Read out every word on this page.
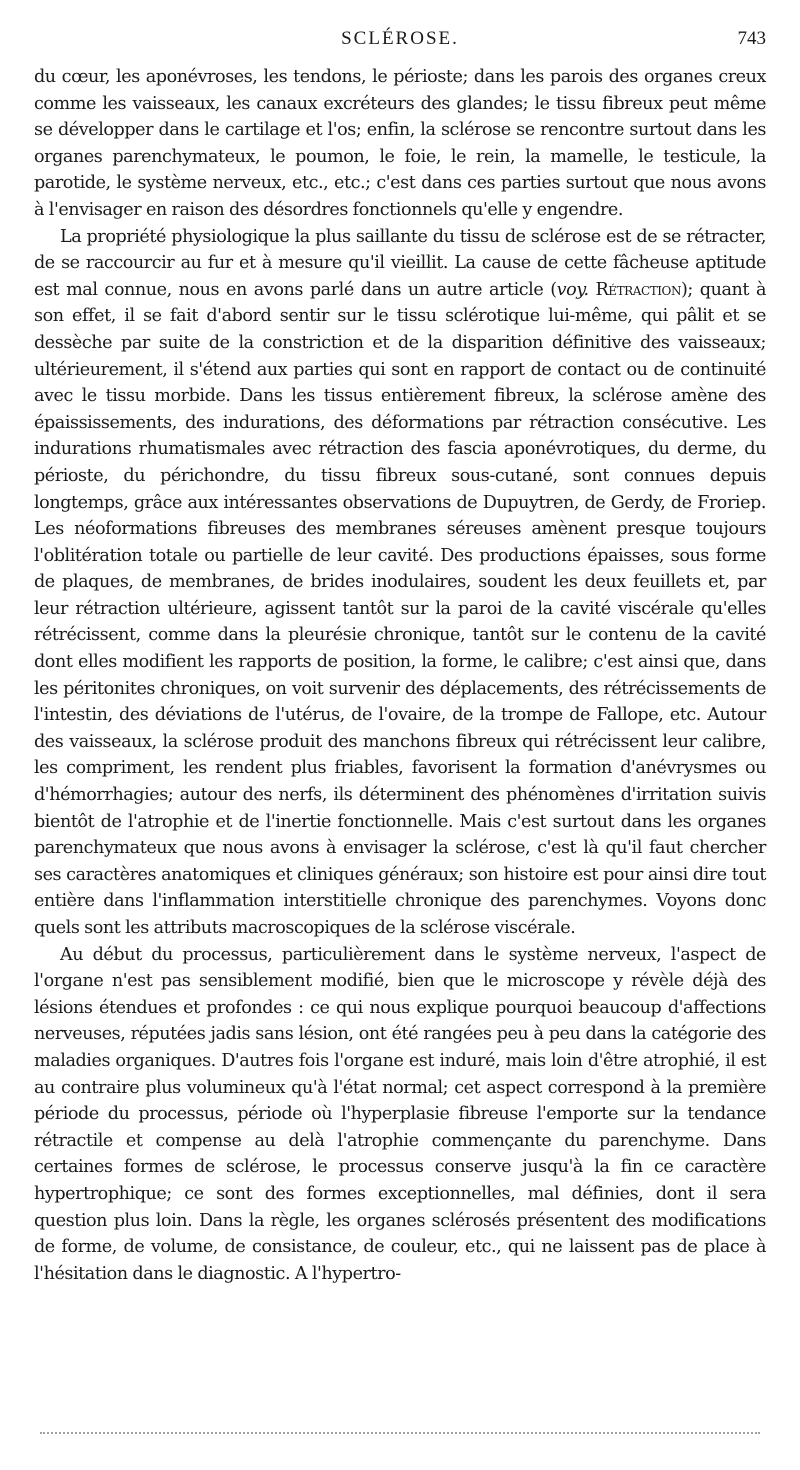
SCLÉROSE.	743

du cœur, les aponévroses, les tendons, le périoste; dans les parois des organes creux comme les vaisseaux, les canaux excréteurs des glandes; le tissu fibreux peut même se développer dans le cartilage et l'os; enfin, la sclérose se rencontre surtout dans les organes parenchymateux, le poumon, le foie, le rein, la mamelle, le testicule, la parotide, le système nerveux, etc., etc.; c'est dans ces parties surtout que nous avons à l'envisager en raison des désordres fonctionnels qu'elle y engendre.

La propriété physiologique la plus saillante du tissu de sclérose est de se rétracter, de se raccourcir au fur et à mesure qu'il vieillit. La cause de cette fâcheuse aptitude est mal connue, nous en avons parlé dans un autre article (voy. Rétraction); quant à son effet, il se fait d'abord sentir sur le tissu sclérotique lui-même, qui pâlit et se dessèche par suite de la constriction et de la disparition définitive des vaisseaux; ultérieurement, il s'étend aux parties qui sont en rapport de contact ou de continuité avec le tissu morbide. Dans les tissus entièrement fibreux, la sclérose amène des épaississements, des indurations, des déformations par rétraction consécutive. Les indurations rhumatismales avec rétraction des fascia aponévrotiques, du derme, du périoste, du périchondre, du tissu fibreux sous-cutané, sont connues depuis longtemps, grâce aux intéressantes observations de Dupuytren, de Gerdy, de Froriep. Les néoformations fibreuses des membranes séreuses amènent presque toujours l'oblitération totale ou partielle de leur cavité. Des productions épaisses, sous forme de plaques, de membranes, de brides inodulaires, soudent les deux feuillets et, par leur rétraction ultérieure, agissent tantôt sur la paroi de la cavité viscérale qu'elles rétrécissent, comme dans la pleurésie chronique, tantôt sur le contenu de la cavité dont elles modifient les rapports de position, la forme, le calibre; c'est ainsi que, dans les péritonites chroniques, on voit survenir des déplacements, des rétrécissements de l'intestin, des déviations de l'utérus, de l'ovaire, de la trompe de Fallope, etc. Autour des vaisseaux, la sclérose produit des manchons fibreux qui rétrécissent leur calibre, les compriment, les rendent plus friables, favorisent la formation d'anévrysmes ou d'hémorrhagies; autour des nerfs, ils déterminent des phénomènes d'irritation suivis bientôt de l'atrophie et de l'inertie fonctionnelle. Mais c'est surtout dans les organes parenchymateux que nous avons à envisager la sclérose, c'est là qu'il faut chercher ses caractères anatomiques et cliniques généraux; son histoire est pour ainsi dire tout entière dans l'inflammation interstitielle chronique des parenchymes. Voyons donc quels sont les attributs macroscopiques de la sclérose viscérale.

Au début du processus, particulièrement dans le système nerveux, l'aspect de l'organe n'est pas sensiblement modifié, bien que le microscope y révèle déjà des lésions étendues et profondes : ce qui nous explique pourquoi beaucoup d'affections nerveuses, réputées jadis sans lésion, ont été rangées peu à peu dans la catégorie des maladies organiques. D'autres fois l'organe est induré, mais loin d'être atrophié, il est au contraire plus volumineux qu'à l'état normal; cet aspect correspond à la première période du processus, période où l'hyperplasie fibreuse l'emporte sur la tendance rétractile et compense au delà l'atrophie commençante du parenchyme. Dans certaines formes de sclérose, le processus conserve jusqu'à la fin ce caractère hypertrophique; ce sont des formes exceptionnelles, mal définies, dont il sera question plus loin. Dans la règle, les organes sclérosés présentent des modifications de forme, de volume, de consistance, de couleur, etc., qui ne laissent pas de place à l'hésitation dans le diagnostic. A l'hypertro-
